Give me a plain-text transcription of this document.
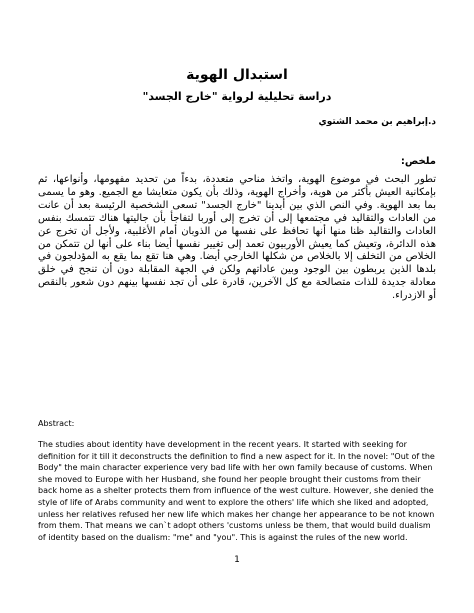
استبدال الهوية
دراسة تحليلية لرواية "خارج الجسد"
د.إبراهيم بن محمد الشتوي
ملخص:

تطور البحث في موضوع الهوية، واتخذ مناحي متعددة، بدءاً من تحديد مفهومها، وأنواعها، ثم بإمكانية العيش بأكثر من هوية، وأخراج الهوية، وذلك بأن يكون متعايشا مع الجميع. وهو ما يسمى بما بعد الهوية. وفي النص الذي بين أيدينا "خارج الجسد" تسعى الشخصية الرئيسة بعد أن عانت من العادات والتقاليد في مجتمعها إلى أن تخرج إلى أوربا لتفاجأ بأن جاليتها هناك تتمسك بنفس العادات والتقاليد ظنا منها أنها تحافظ على نفسها من الذوبان أمام الأغلبية، ولأجل أن تخرج عن هذه الدائرة، وتعيش كما يعيش الأوربيون تعمد إلى تغيير نفسها أيضا بناء على أنها لن تتمكن من الخلاص من التخلف إلا بالخلاص من شكلها الخارجي أيضا. وهي هنا تقع بما يقع به المؤدلجون في بلدها الذين يربطون بين الوجود وبين عاداتهم ولكن في الجهة المقابلة دون أن تنجح في خلق معادلة جديدة للذات متصالحة مع كل الآخرين، قادرة على أن تجد نفسها بينهم دون شعور بالنقص أو الازدراء.

Abstract:

The studies about identity have development in the recent years. It started with seeking for definition for it till it deconstructs the definition to find a new aspect for it. In the novel: "Out of the Body" the main character experience very bad life with her own family because of customs. When she moved to Europe with her Husband, she found her people brought their customs from their back home as a shelter protects them from influence of the west culture. However, she denied the style of life of Arabs community and went to explore the others' life which she liked and adopted, unless her relatives refused her new life which makes her change her appearance to be not known from them. That means we can`t adopt others 'customs unless be them, that would build dualism of identity based on the dualism: "me" and "you". This is against the rules of the new world.

1
